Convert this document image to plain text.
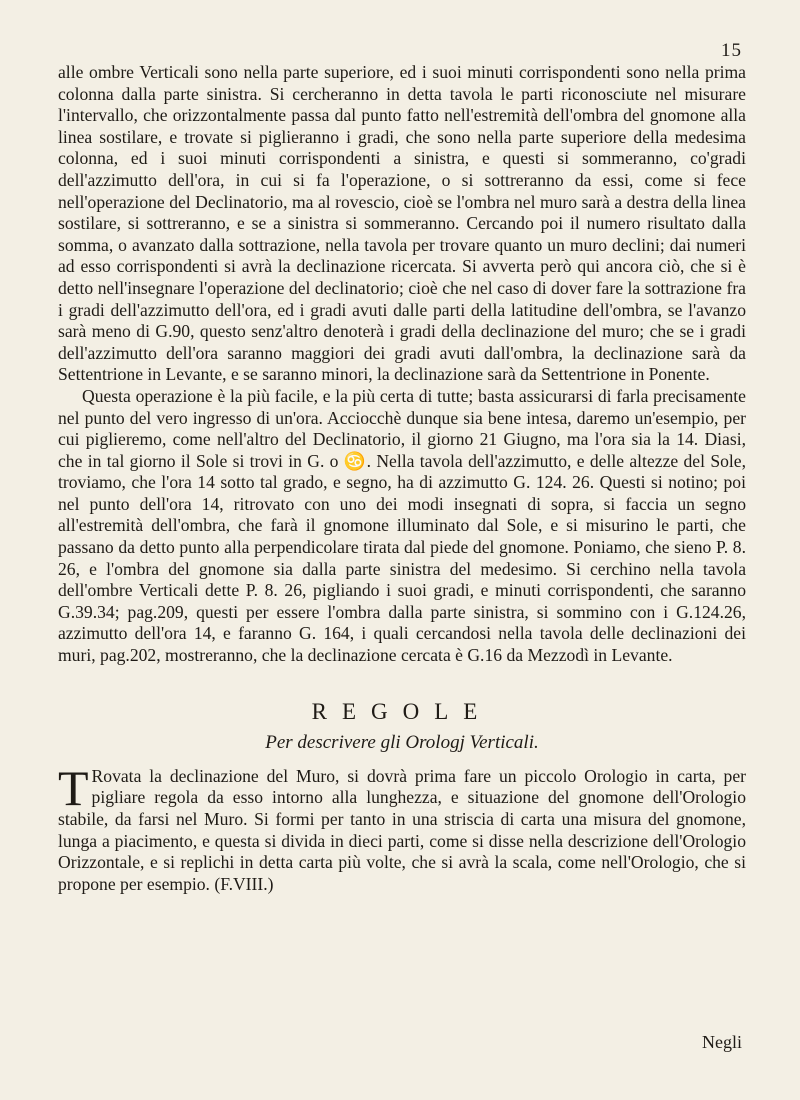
15

alle ombre Verticali sono nella parte superiore, ed i suoi minuti corrispondenti sono nella prima colonna dalla parte sinistra. Si cercheranno in detta tavola le parti riconosciute nel misurare l'intervallo, che orizzontalmente passa dal punto fatto nell'estremità dell'ombra del gnomone alla linea sostilare, e trovate si piglieranno i gradi, che sono nella parte superiore della medesima colonna, ed i suoi minuti corrispondenti a sinistra, e questi si sommeranno, co'gradi dell'azzimutto dell'ora, in cui si fa l'operazione, o si sottreranno da essi, come si fece nell'operazione del Declinatorio, ma al rovescio, cioè se l'ombra nel muro sarà a destra della linea sostilare, si sottreranno, e se a sinistra si sommeranno. Cercando poi il numero risultato dalla somma, o avanzato dalla sottrazione, nella tavola per trovare quanto un muro declini; dai numeri ad esso corrispondenti si avrà la declinazione ricercata. Si avverta però qui ancora ciò, che si è detto nell'insegnare l'operazione del declinatorio; cioè che nel caso di dover fare la sottrazione fra i gradi dell'azzimutto dell'ora, ed i gradi avuti dalle parti della latitudine dell'ombra, se l'avanzo sarà meno di G.90, questo senz'altro denoterà i gradi della declinazione del muro; che se i gradi dell'azzimutto dell'ora saranno maggiori dei gradi avuti dall'ombra, la declinazione sarà da Settentrione in Levante, e se saranno minori, la declinazione sarà da Settentrione in Ponente.

Questa operazione è la più facile, e la più certa di tutte; basta assicurarsi di farla precisamente nel punto del vero ingresso di un'ora. Acciocchè dunque sia bene intesa, daremo un'esempio, per cui piglieremo, come nell'altro del Declinatorio, il giorno 21 Giugno, ma l'ora sia la 14. Diasi, che in tal giorno il Sole si trovi in G. o ♋. Nella tavola dell'azzimutto, e delle altezze del Sole, troviamo, che l'ora 14 sotto tal grado, e segno, ha di azzimutto G. 124. 26. Questi si notino; poi nel punto dell'ora 14, ritrovato con uno dei modi insegnati di sopra, si faccia un segno all'estremità dell'ombra, che farà il gnomone illuminato dal Sole, e si misurino le parti, che passano da detto punto alla perpendicolare tirata dal piede del gnomone. Poniamo, che sieno P. 8. 26, e l'ombra del gnomone sia dalla parte sinistra del medesimo. Si cerchino nella tavola dell'ombre Verticali dette P. 8. 26, pigliando i suoi gradi, e minuti corrispondenti, che saranno G.39.34; pag.209, questi per essere l'ombra dalla parte sinistra, si sommino con i G.124.26, azzimutto dell'ora 14, e faranno G. 164, i quali cercandosi nella tavola delle declinazioni dei muri, pag.202, mostreranno, che la declinazione cercata è G.16 da Mezzodì in Levante.

REGOLE
Per descrivere gli Orologj Verticali.

T Rovata la declinazione del Muro, si dovrà prima fare un piccolo Orologio in carta, per pigliare regola da esso intorno alla lunghezza, e situazione del gnomone dell'Orologio stabile, da farsi nel Muro. Si formi per tanto in una striscia di carta una misura del gnomone, lunga a piacimento, e questa si divida in dieci parti, come si disse nella descrizione dell'Orologio Orizzontale, e si replichi in detta carta più volte, che si avrà la scala, come nell'Orologio, che si propone per esempio. (F.VIII.)

Negli
